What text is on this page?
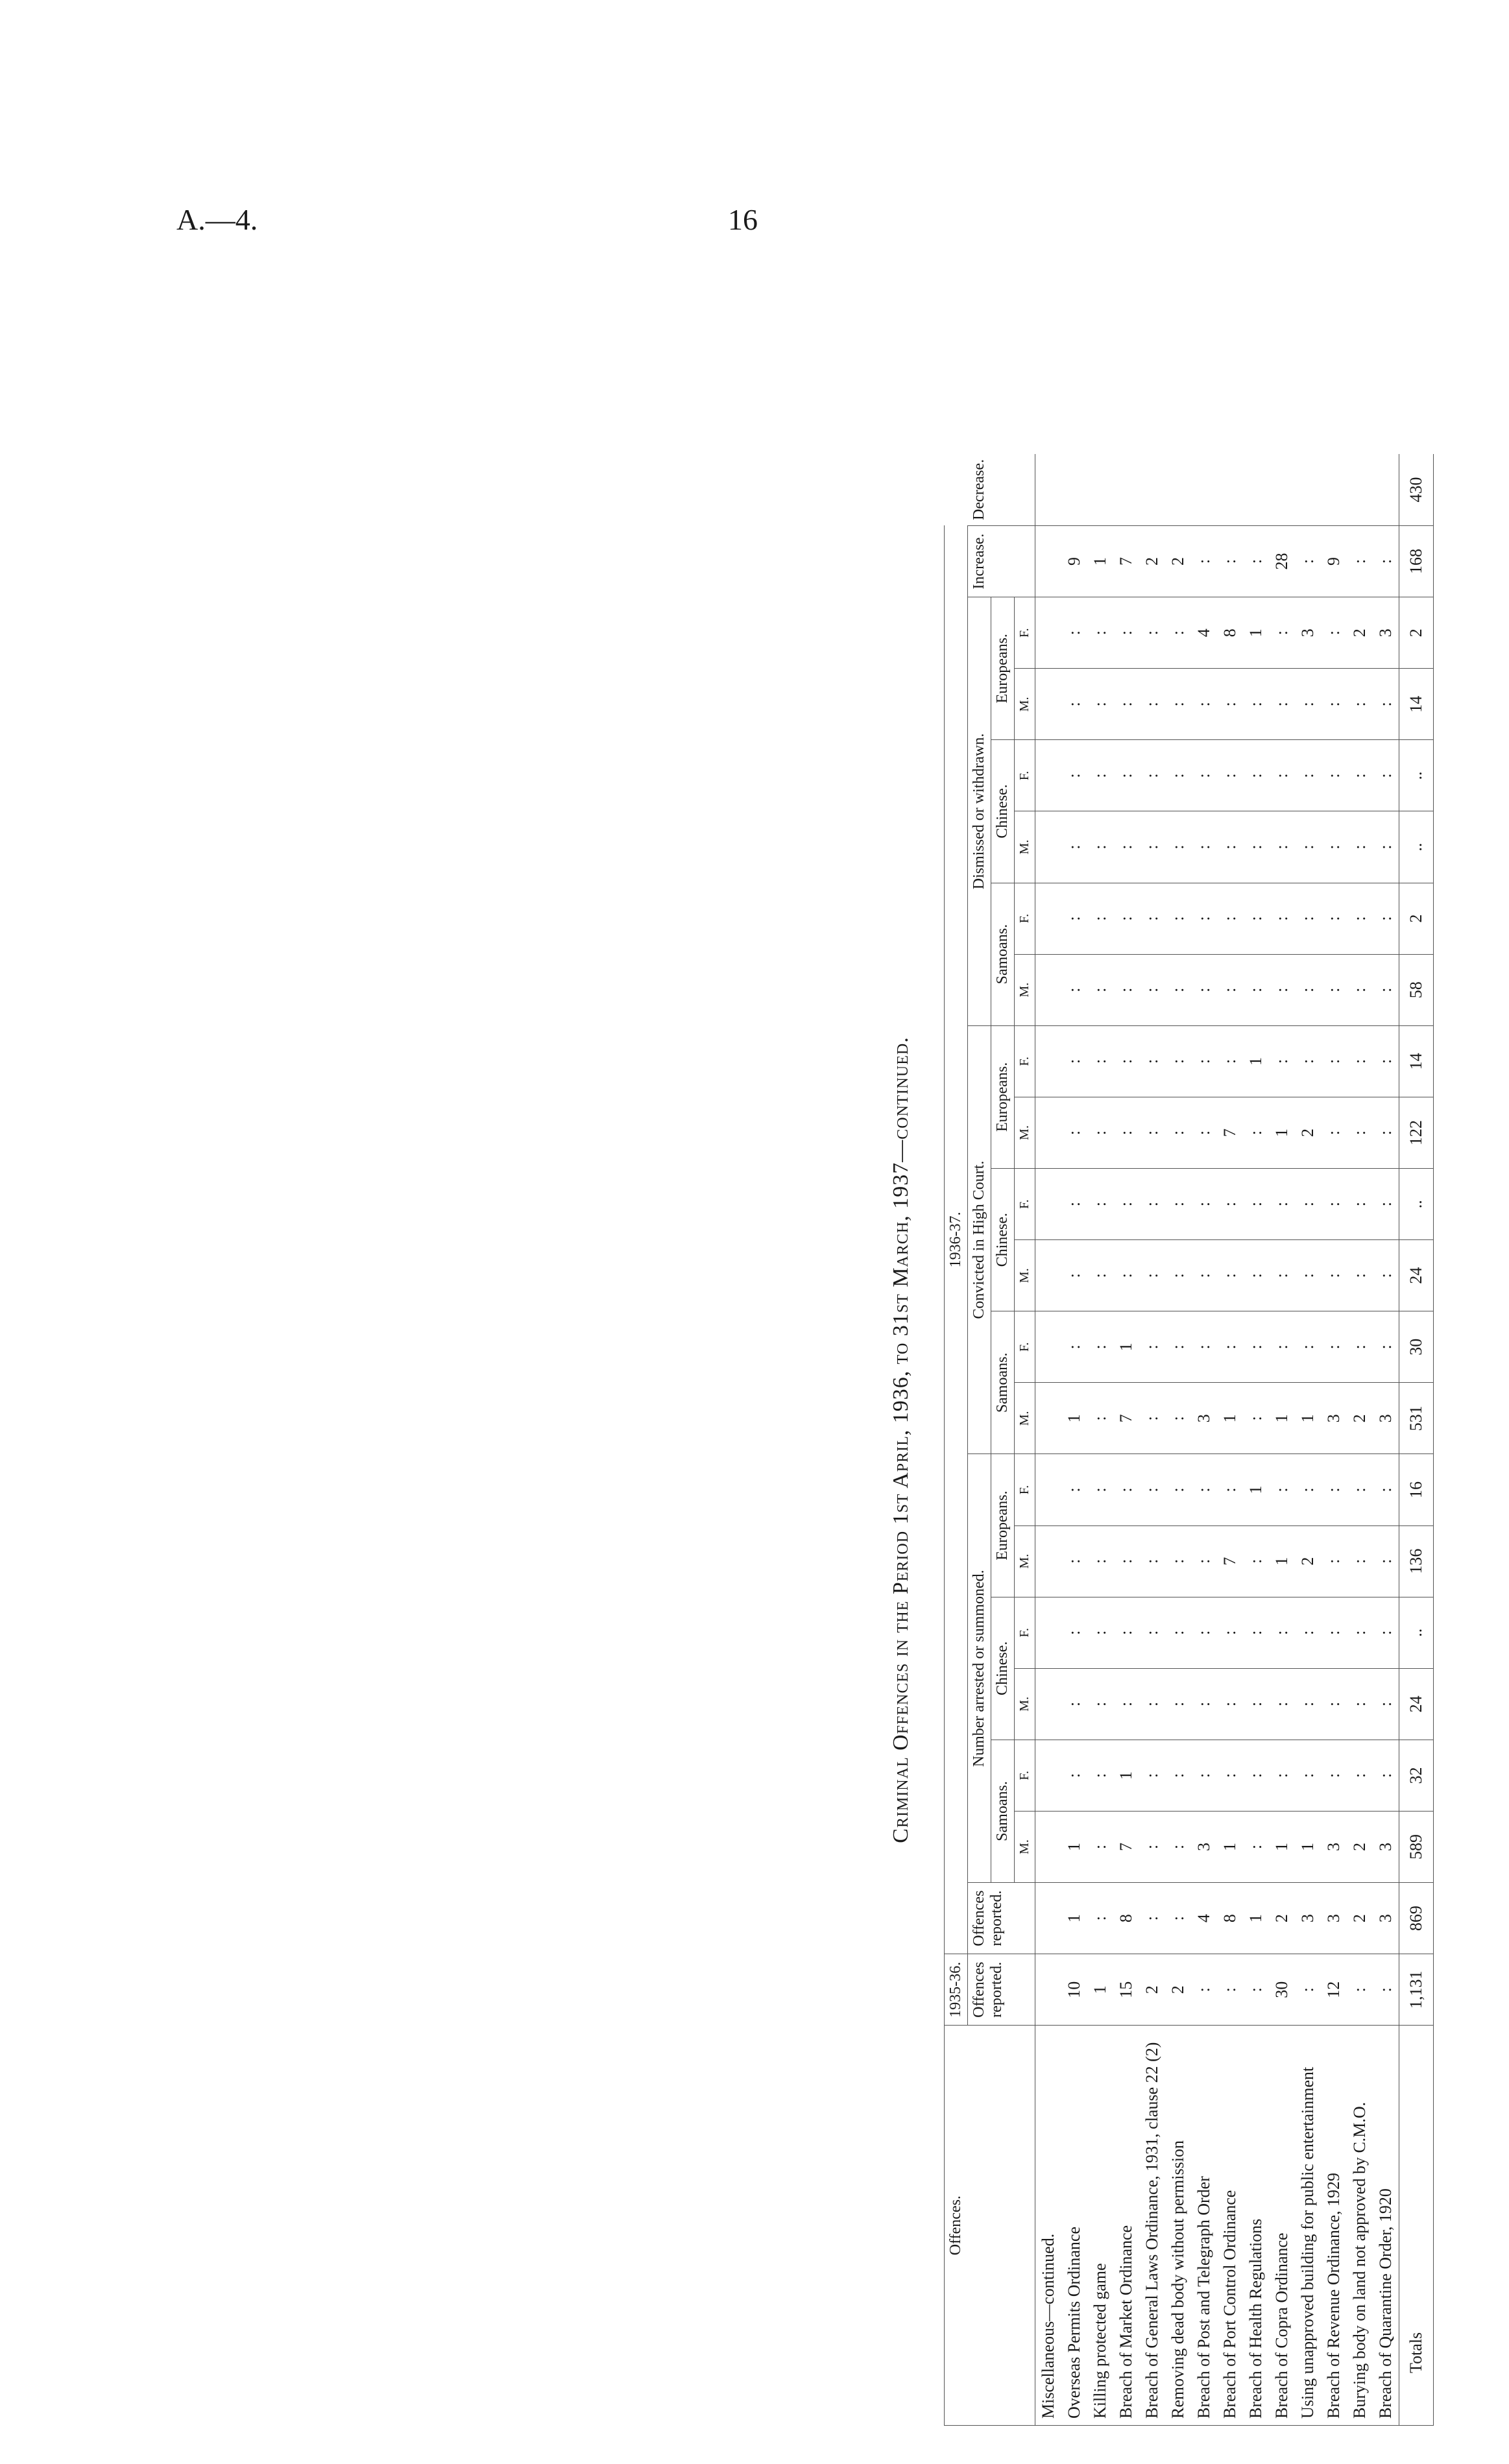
A.—4.	16
Criminal Offences in the Period 1st April, 1936, to 31st March, 1937—continued.
Offences.	1935-36.	1936-37.																				
	Offences reported.	Offences reported.	Number arrested or summoned.						Convicted in High Court.						Dismissed or withdrawn.						Increase.	Decrease.
			Samoans.		Chinese.		Europeans.		Samoans.		Chinese.		Europeans.		Samoans.		Chinese.		Europeans.			
			M.	F.	M.	F.	M.	F.	M.	F.	M.	F.	M.	F.	M.	F.	M.	F.	M.	F.		
Miscellaneous—continued.																						
Overseas Permits Ordinance	10	1	1	:	:	:	:	:	1	:	:	:	:	:	:	:	:	:	:	:	9	
Killing protected game	1	:	:	:	:	:	:	:	:	:	:	:	:	:	:	:	:	:	:	:	1	
Breach of Market Ordinance	15	8	7	1	:	:	:	:	7	1	:	:	:	:	:	:	:	:	:	:	7	
Breach of General Laws Ordinance, 1931, clause 22 (2)	2	:	:	:	:	:	:	:	:	:	:	:	:	:	:	:	:	:	:	:	2	
Removing dead body without permission	2	:	:	:	:	:	:	:	:	:	:	:	:	:	:	:	:	:	:	:	2	
Breach of Post and Telegraph Order	:	4	3	:	:	:	:	:	3	:	:	:	:	:	:	:	:	:	:	4	:	
Breach of Port Control Ordinance	:	8	1	:	:	:	7	:	1	:	:	:	7	:	:	:	:	:	:	8	:	
Breach of Health Regulations	:	1	:	:	:	:	:	1	:	:	:	:	:	1	:	:	:	:	:	1	:	
Breach of Copra Ordinance	30	2	1	:	:	:	1	:	1	:	:	:	1	:	:	:	:	:	:	:	28	
Using unapproved building for public entertainment	:	3	1	:	:	:	2	:	1	:	:	:	2	:	:	:	:	:	:	3	:	
Breach of Revenue Ordinance, 1929	12	3	3	:	:	:	:	:	3	:	:	:	:	:	:	:	:	:	:	:	9	
Burying body on land not approved by C.M.O.	:	2	2	:	:	:	:	:	2	:	:	:	:	:	:	:	:	:	:	2	:	
Breach of Quarantine Order, 1920	:	3	3	:	:	:	:	:	3	:	:	:	:	:	:	:	:	:	:	3	:	
Totals	1,131	869	589	32	24	..	136	16	531	30	24	..	122	14	58	2	..	..	14	2	168	430
